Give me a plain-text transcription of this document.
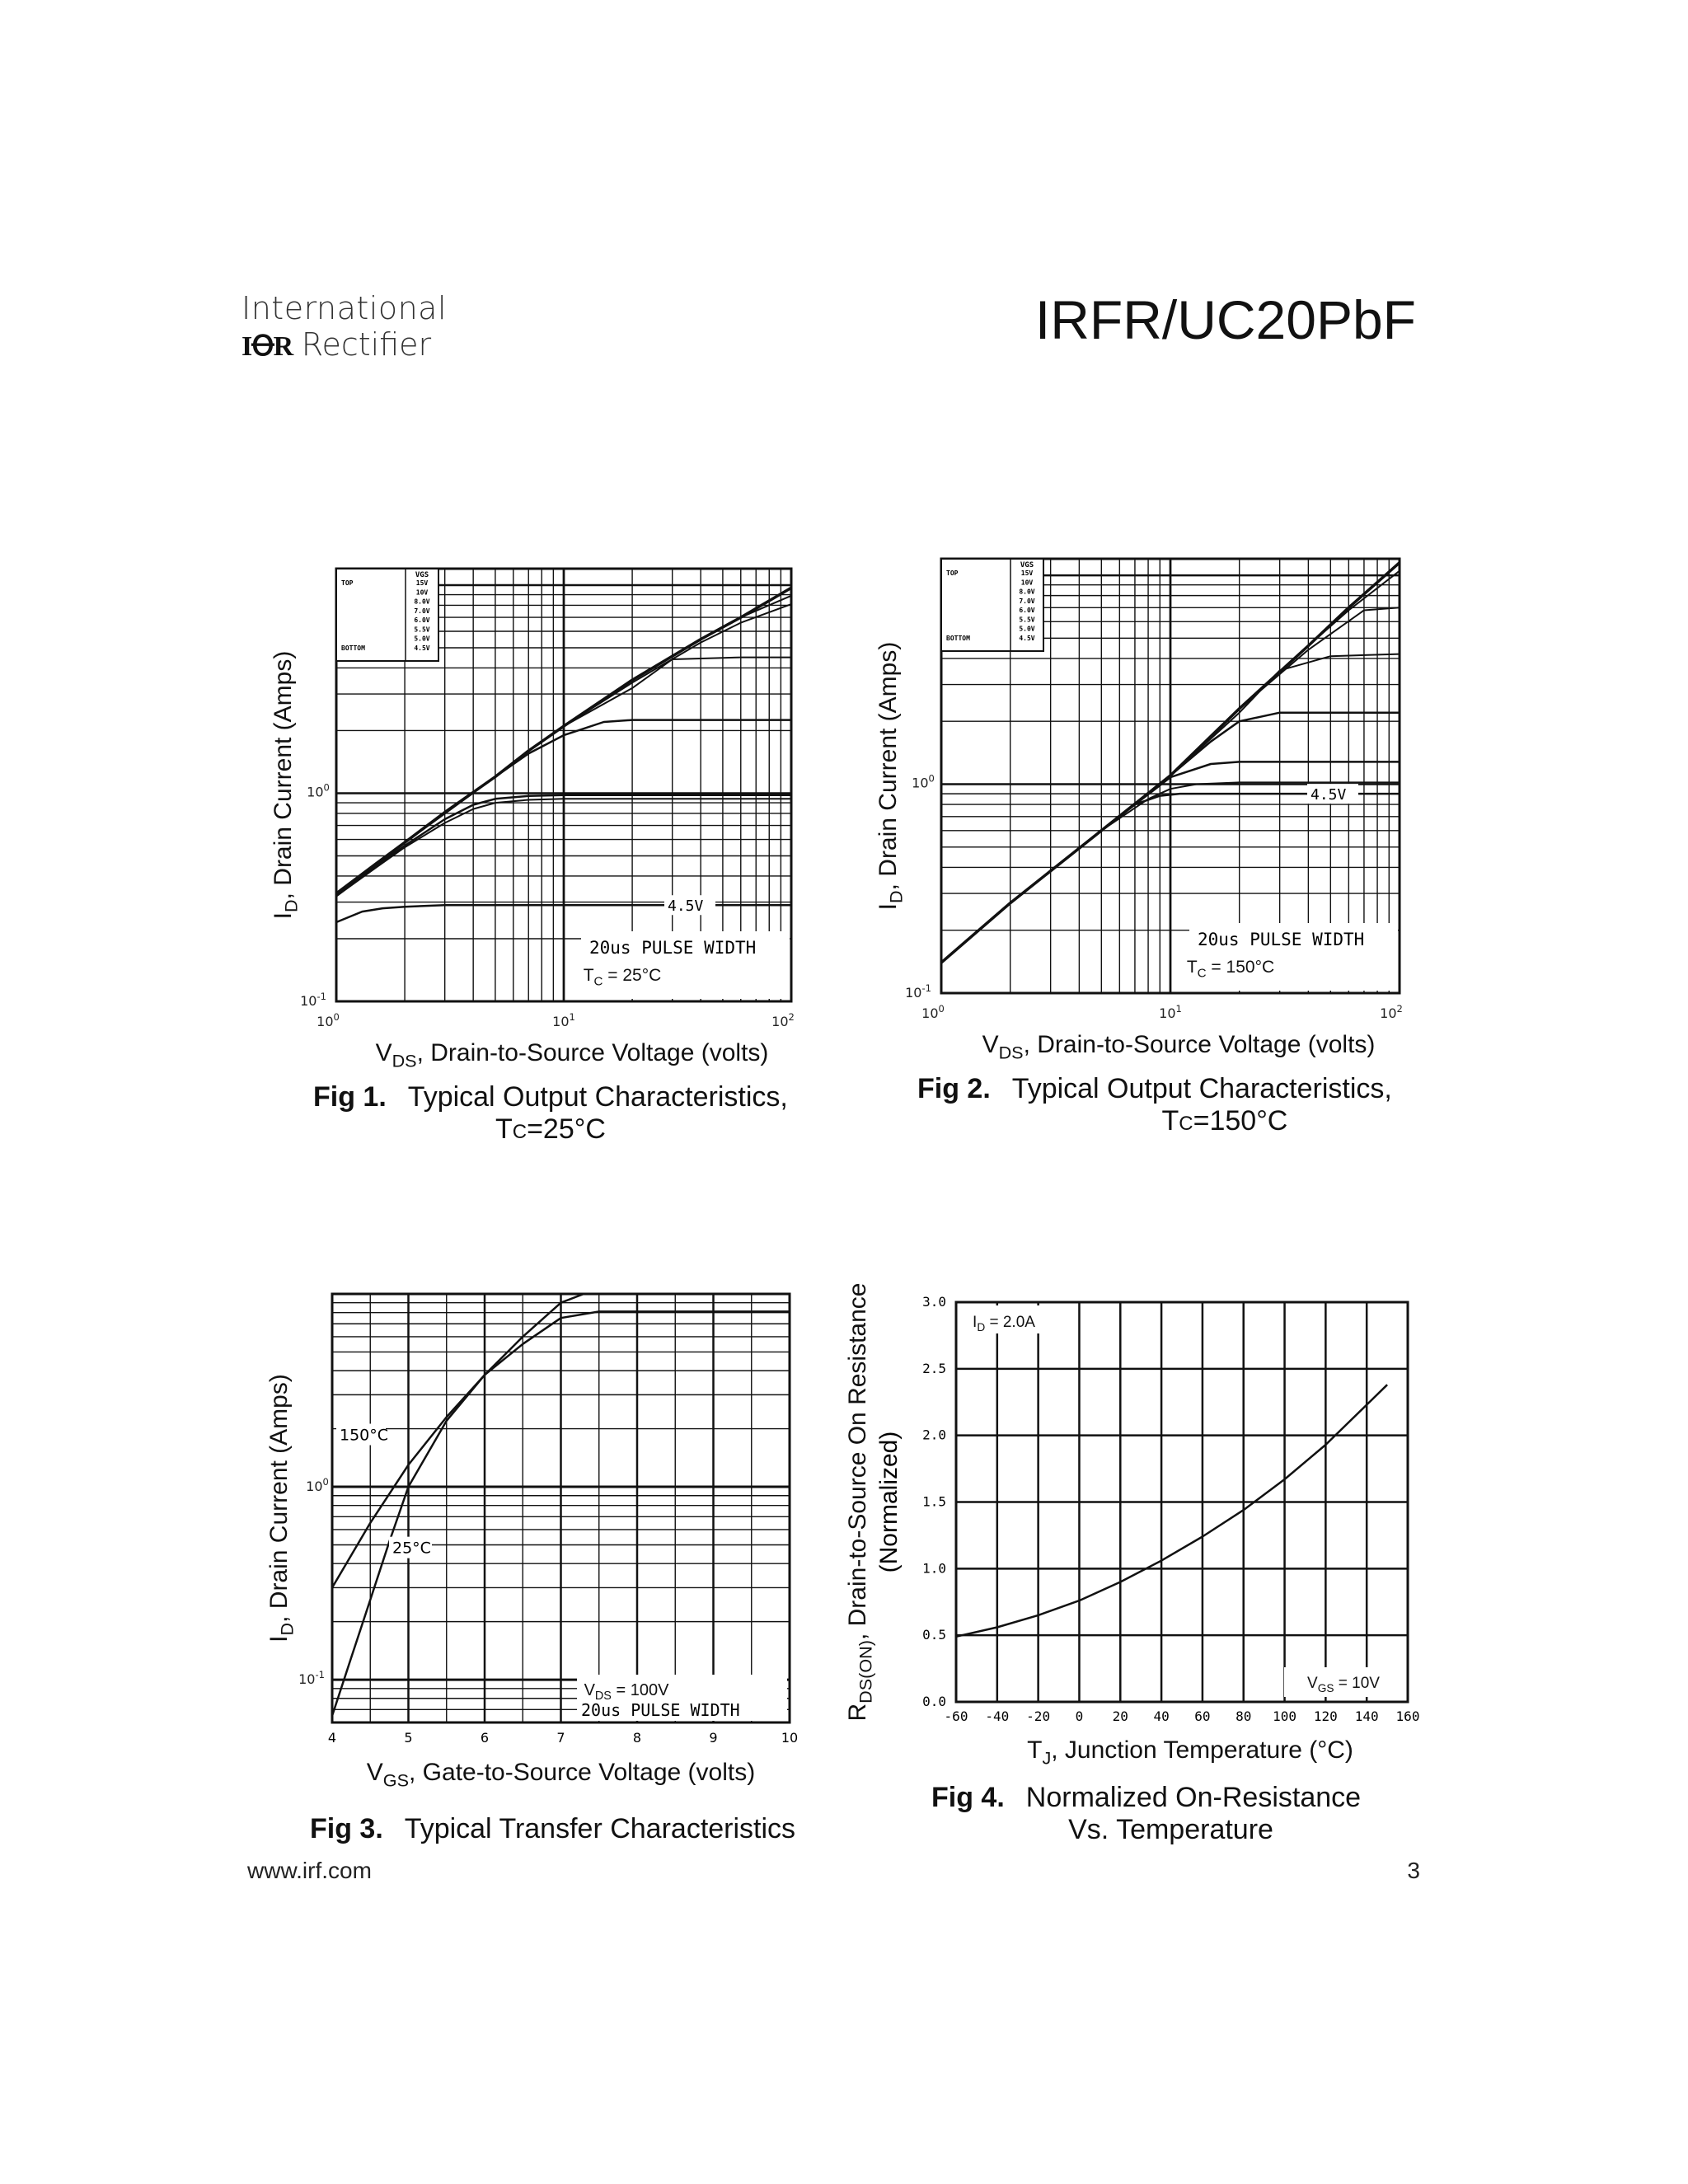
International
IꝊR Rectifier	IRFR/UC20PbF
VGS
TOP	15V
10V
8.0V
7.0V
6.0V
5.5V
5.0V
BOTTOM	4.5V
4.5V
20us PULSE WIDTH
$T_C = 25^\circ C$
$10^0$	$10^1$	$10^2$
$10^{-1}$
$10^0$
$V_{DS}$, Drain-to-Source Voltage (volts)
$I_D$, Drain Current (Amps)
VGS
TOP	15V
10V
8.0V
7.0V
6.0V
5.5V
5.0V
BOTTOM	4.5V
4.5V
20us PULSE WIDTH
$T_C = 150^\circ C$
$10^0$	$10^1$	$10^2$
$10^{-1}$
$10^0$
$V_{DS}$, Drain-to-Source Voltage (volts)
$I_D$, Drain Current (Amps)
150°C
25°C
$V_{DS} = 100V$
20us PULSE WIDTH
4	5	6	7	8	9	10
$10^{-1}$
$10^0$
$V_{GS}$, Gate-to-Source Voltage (volts)
$I_D$, Drain Current (Amps)
$I_D = 2.0A$
$V_{GS} = 10V$
-60 -40 -20 0 20 40 60 80 100 120 140 160
0.0
0.5
1.0
1.5
2.0
2.5
3.0
$T_J$, Junction Temperature (°C)
$R_{DS(ON)}$, Drain-to-Source On Resistance (Normalized)
Fig 1. Typical Output Characteristics,
TC=25°C
Fig 2. Typical Output Characteristics,
TC=150°C
Fig 3. Typical Transfer Characteristics
Fig 4. Normalized On-Resistance
Vs. Temperature
www.irf.com	3
